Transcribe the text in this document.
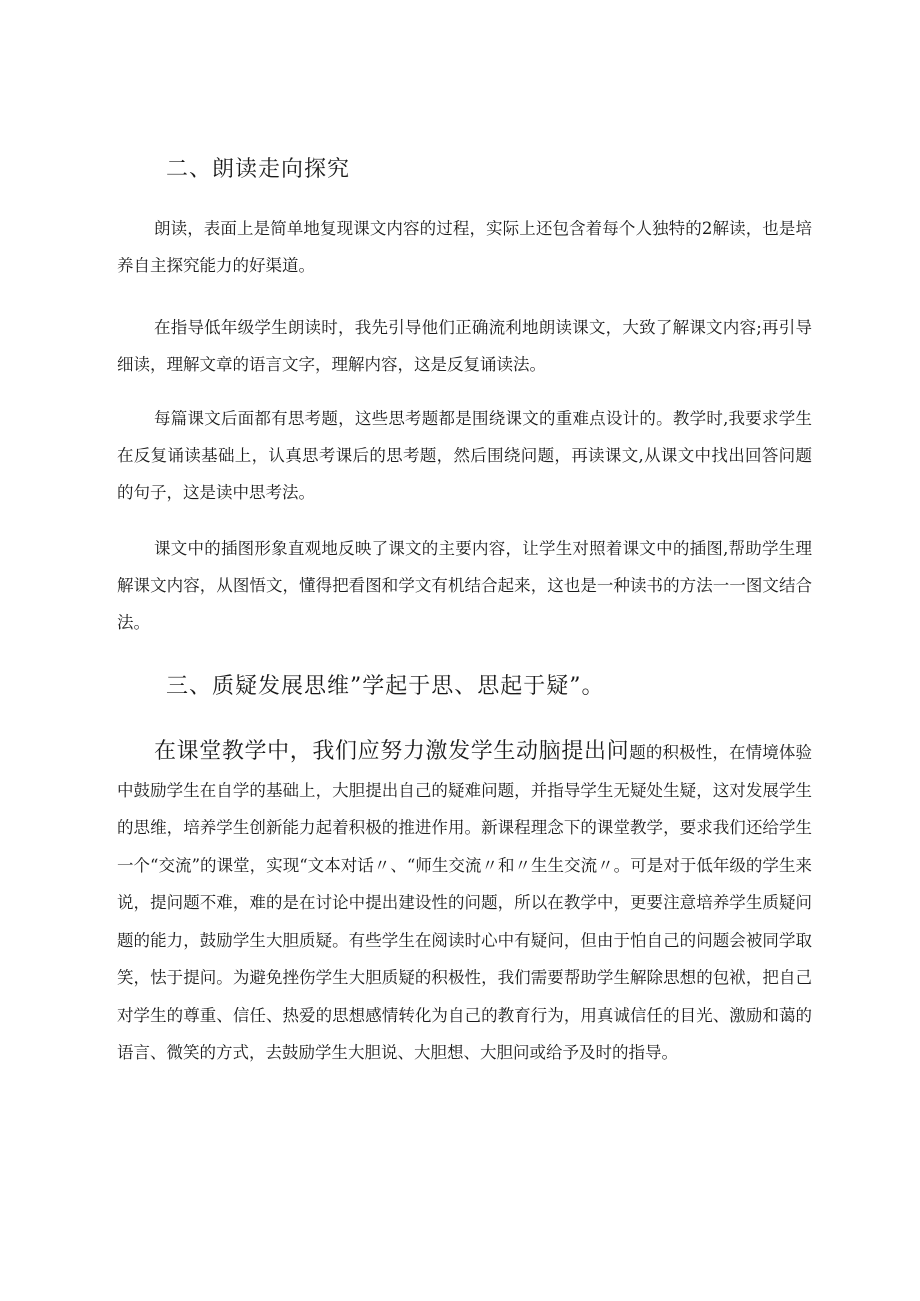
二、朗读走向探究

朗读，表面上是简单地复现课文内容的过程，实际上还包含着每个人独特的2解读，也是培养自主探究能力的好渠道。

在指导低年级学生朗读时，我先引导他们正确流利地朗读课文，大致了解课文内容;再引导细读，理解文章的语言文字，理解内容，这是反复诵读法。

每篇课文后面都有思考题，这些思考题都是围绕课文的重难点设计的。教学时,我要求学生在反复诵读基础上，认真思考课后的思考题，然后围绕问题，再读课文,从课文中找出回答问题的句子，这是读中思考法。

课文中的插图形象直观地反映了课文的主要内容，让学生对照着课文中的插图,帮助学生理解课文内容，从图悟文，懂得把看图和学文有机结合起来，这也是一种读书的方法一一图文结合法。

三、质疑发展思维”学起于思、思起于疑”。

在课堂教学中，我们应努力激发学生动脑提出问题的积极性，在情境体验中鼓励学生在自学的基础上，大胆提出自己的疑难问题，并指导学生无疑处生疑，这对发展学生的思维，培养学生创新能力起着积极的推进作用。新课程理念下的课堂教学，要求我们还给学生一个“交流”的课堂，实现“文本对话〃、“师生交流〃和〃生生交流〃。可是对于低年级的学生来说，提问题不难，难的是在讨论中提出建设性的问题，所以在教学中，更要注意培养学生质疑问题的能力，鼓励学生大胆质疑。有些学生在阅读时心中有疑问，但由于怕自己的问题会被同学取笑，怯于提问。为避免挫伤学生大胆质疑的积极性，我们需要帮助学生解除思想的包袱，把自己对学生的尊重、信任、热爱的思想感情转化为自己的教育行为，用真诚信任的目光、激励和蔼的语言、微笑的方式，去鼓励学生大胆说、大胆想、大胆问或给予及时的指导。
